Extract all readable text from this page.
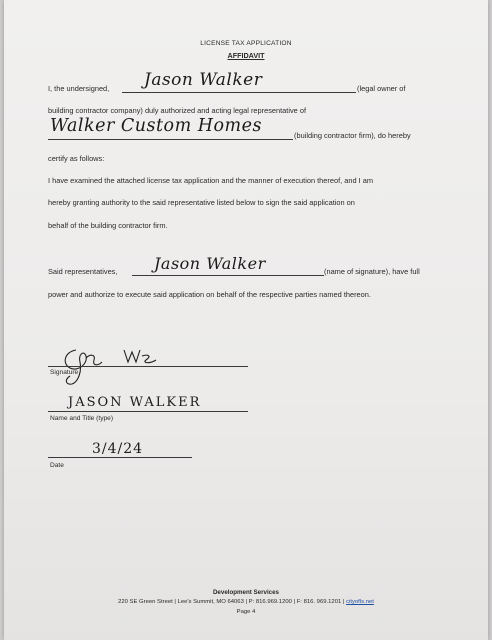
LICENSE TAX APPLICATION
AFFIDAVIT
I, the undersigned, Jason Walker	(legal owner of
building contractor company) duly authorized and acting legal representative of
Walker Custom Homes	(building contractor firm), do hereby
certify as follows:
I have examined the attached license tax application and the manner of execution thereof, and I am
hereby granting authority to the said representative listed below to sign the said application on
behalf of the building contractor firm.
Said representatives, Jason Walker	(name of signature), have full
power and authorize to execute said application on behalf of the respective parties named thereon.
Signature
JASON WALKER
Name and Title (type)
3/4/24
Date
Development Services
220 SE Green Street | Lee's Summit, MO 64063 | P: 816.969.1200 | F: 816. 969.1201 | cityofls.net
Page 4
